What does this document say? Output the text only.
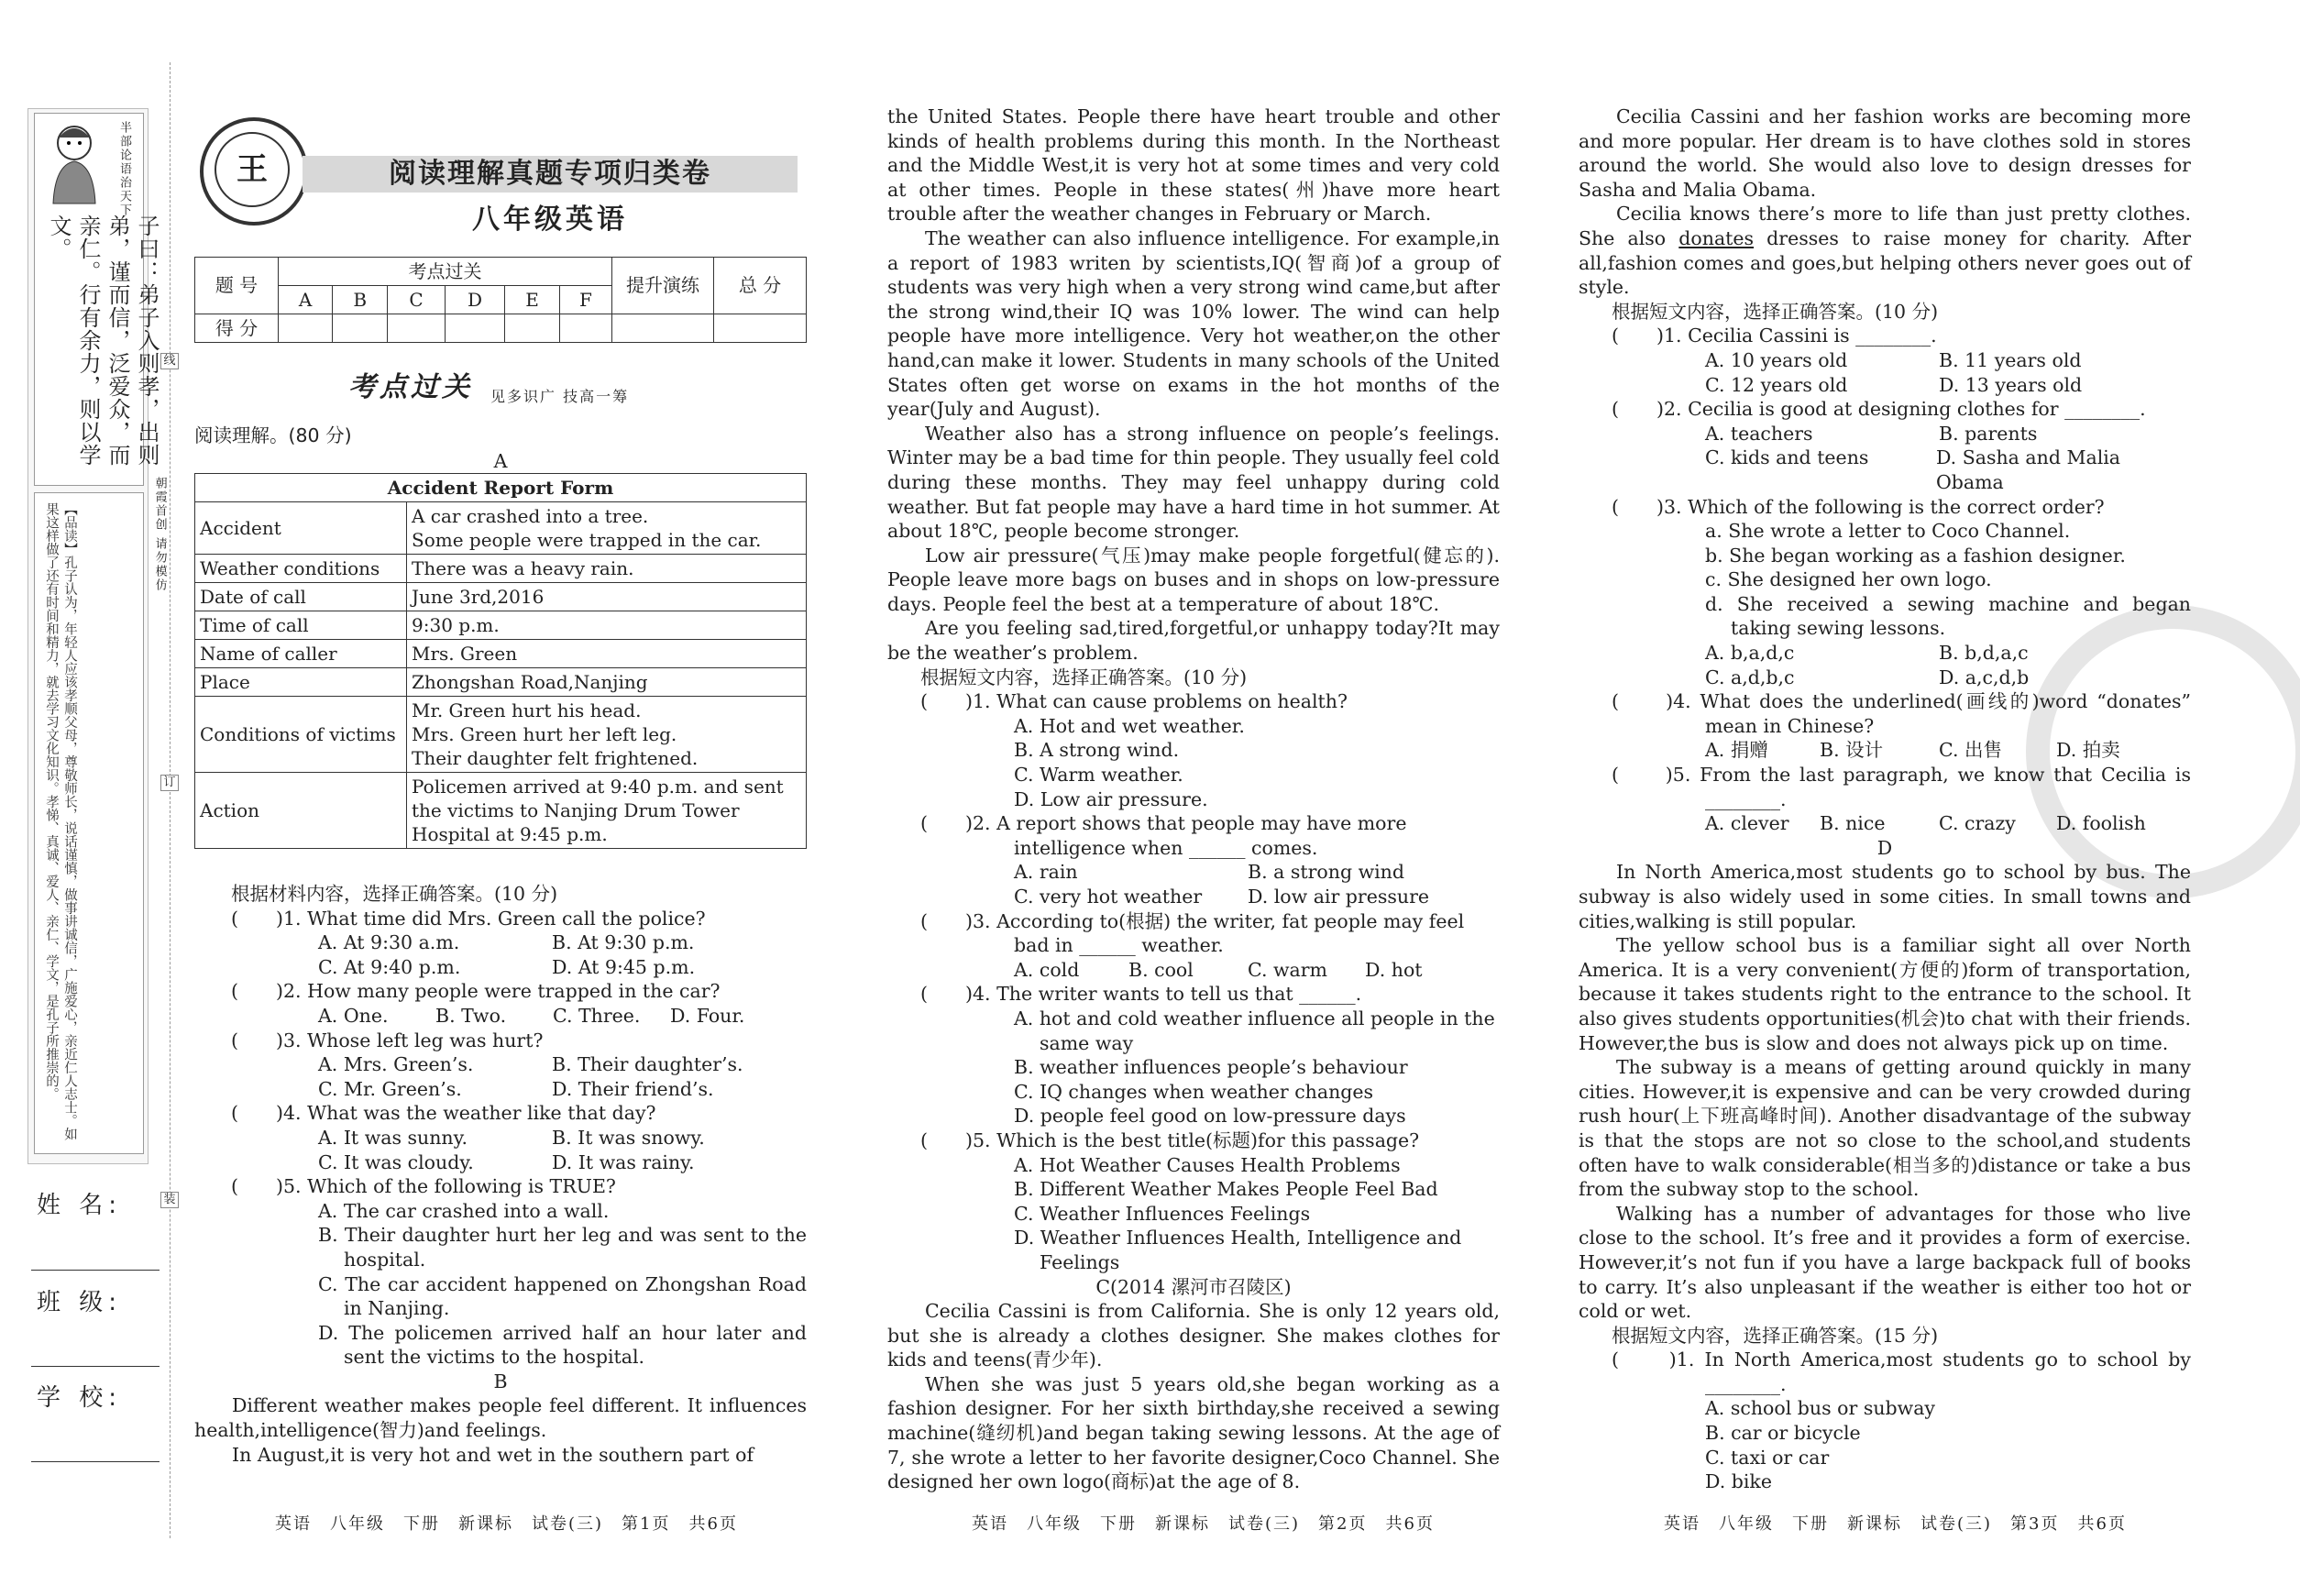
半部论语治天下
子曰：弟子入则孝，出则弟，谨而信，泛爱众，而亲仁。行有余力，则以学文。
【品读】孔子认为，年轻人应该孝顺父母，尊敬师长，说话谨慎，做事讲诚信，广施爱心，亲近仁人志士。如果这样做了还有时间和精力，就去学习文化知识。孝悌、真诚、爱人、亲仁、学文，是孔子所推崇的。
线
订
装
朝霞首创 请勿模仿
姓 名:
班 级:
学 校:
王	阅读理解真题专项归类卷
八年级英语
题 号	考点过关						提升演练	总 分
	A	B	C	D	E	F		
得 分								
考点过关 见多识广 技高一筹
阅读理解。(80 分)
A
Accident Report Form	
Accident	A car crashed into a tree.
Some people were trapped in the car.

Weather conditions	There was a heavy rain.
Date of call	June 3rd,2016
Time of call	9:30 p.m.
Name of caller	Mrs. Green
Place	Zhongshan Road,Nanjing
Conditions of victims	Mr. Green hurt his head.
Mrs. Green hurt her left leg.
Their daughter felt frightened.

Action	Policemen arrived at 9:40 p.m. and sent the victims to Nanjing Drum Tower Hospital at 9:45 p.m.
根据材料内容，选择正确答案。(10 分)
(　　)1. What time did Mrs. Green call the police?
A. At 9:30 a.m.	B. At 9:30 p.m.
C. At 9:40 p.m.	D. At 9:45 p.m.
(　　)2. How many people were trapped in the car?
A. One.	B. Two.	C. Three.	D. Four.
(　　)3. Whose left leg was hurt?
A. Mrs. Green’s.	B. Their daughter’s.
C. Mr. Green’s.	D. Their friend’s.
(　　)4. What was the weather like that day?
A. It was sunny.	B. It was snowy.
C. It was cloudy.	D. It was rainy.
(　　)5. Which of the following is TRUE?
A. The car crashed into a wall.
B. Their daughter hurt her leg and was sent to the hospital.
C. The car accident happened on Zhongshan Road in Nanjing.
D. The policemen arrived half an hour later and sent the victims to the hospital.
B
Different weather makes people feel different. It influences health,intelligence(智力)and feelings.
In August,it is very hot and wet in the southern part of
the United States. People there have heart trouble and other kinds of health problems during this month. In the Northeast and the Middle West,it is very hot at some times and very cold at other times. People in these states(州)have more heart trouble after the weather changes in February or March.
The weather can also influence intelligence. For example,in a report of 1983 writen by scientists,IQ(智商)of a group of students was very high when a very strong wind came,but after the strong wind,their IQ was 10% lower. The wind can help people have more intelligence. Very hot weather,on the other hand,can make it lower. Students in many schools of the United States often get worse on exams in the hot months of the year(July and August).
Weather also has a strong influence on people’s feelings. Winter may be a bad time for thin people. They usually feel cold during these months. They may feel unhappy during cold weather. But fat people may have a hard time in hot summer. At about 18℃, people become stronger.
Low air pressure(气压)may make people forgetful(健忘的). People leave more bags on buses and in shops on low-pressure days. People feel the best at a temperature of about 18℃.
Are you feeling sad,tired,forgetful,or unhappy today?It may be the weather’s problem.
根据短文内容，选择正确答案。(10 分)
(　　)1. What can cause problems on health?
A. Hot and wet weather.
B. A strong wind.
C. Warm weather.
D. Low air pressure.
(　　)2. A report shows that people may have more
intelligence when ______ comes.
A. rain	B. a strong wind
C. very hot weather	D. low air pressure
(　　)3. According to(根据) the writer, fat people may feel
bad in ______ weather.
A. cold	B. cool	C. warm	D. hot
(　　)4. The writer wants to tell us that ______.
A. hot and cold weather influence all people in the same way
B. weather influences people’s behaviour
C. IQ changes when weather changes
D. people feel good on low-pressure days
(　　)5. Which is the best title(标题)for this passage?
A. Hot Weather Causes Health Problems
B. Different Weather Makes People Feel Bad
C. Weather Influences Feelings
D. Weather Influences Health, Intelligence and Feelings
C(2014 漯河市召陵区)
Cecilia Cassini is from California. She is only 12 years old, but she is already a clothes designer. She makes clothes for kids and teens(青少年).
When she was just 5 years old,she began working as a fashion designer. For her sixth birthday,she received a sewing machine(缝纫机)and began taking sewing lessons. At the age of 7, she wrote a letter to her favorite designer,Coco Channel. She designed her own logo(商标)at the age of 8.
Cecilia Cassini and her fashion works are becoming more and more popular. Her dream is to have clothes sold in stores around the world. She would also love to design dresses for Sasha and Malia Obama.
Cecilia knows there’s more to life than just pretty clothes. She also donates dresses to raise money for charity. After all,fashion comes and goes,but helping others never goes out of style.
根据短文内容，选择正确答案。(10 分)
(　　)1. Cecilia Cassini is ________.
A. 10 years old	B. 11 years old
C. 12 years old	D. 13 years old
(　　)2. Cecilia is good at designing clothes for ________.
A. teachers	B. parents
C. kids and teens	D. Sasha and Malia Obama
(　　)3. Which of the following is the correct order?
a. She wrote a letter to Coco Channel.
b. She began working as a fashion designer.
c. She designed her own logo.
d. She received a sewing machine and began taking sewing lessons.
A. b,a,d,c	B. b,d,a,c
C. a,d,b,c	D. a,c,d,b
(　　)4. What does the underlined(画线的)word “donates” mean in Chinese?
A. 捐赠	B. 设计	C. 出售	D. 拍卖
(　　)5. From the last paragraph, we know that Cecilia is ________.
A. clever	B. nice	C. crazy	D. foolish
D
In North America,most students go to school by bus. The subway is also widely used in some cities. In small towns and cities,walking is still popular.
The yellow school bus is a familiar sight all over North America. It is a very convenient(方便的)form of transportation, because it takes students right to the entrance to the school. It also gives students opportunities(机会)to chat with their friends. However,the bus is slow and does not always pick up on time.
The subway is a means of getting around quickly in many cities. However,it is expensive and can be very crowded during rush hour(上下班高峰时间). Another disadvantage of the subway is that the stops are not so close to the school,and students often have to walk considerable(相当多的)distance or take a bus from the subway stop to the school.
Walking has a number of advantages for those who live close to the school. It’s free and it provides a form of exercise. However,it’s not fun if you have a large backpack full of books to carry. It’s also unpleasant if the weather is either too hot or cold or wet.
根据短文内容，选择正确答案。(15 分)
(　　)1. In North America,most students go to school by ________.
A. school bus or subway
B. car or bicycle
C. taxi or car
D. bike
英语　八年级　下册　新课标　试卷(三)　第1页　共6页	英语　八年级　下册　新课标　试卷(三)　第2页　共6页	英语　八年级　下册　新课标　试卷(三)　第3页　共6页
